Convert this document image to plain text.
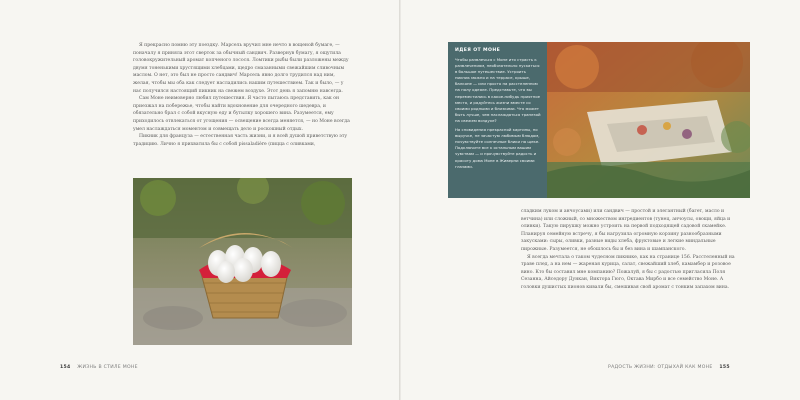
Я прекрасно помню эту поездку. Марсель вручил мне нечто в вощеной бумаге, — поначалу я приняла этот сверток за обычный сандвич. Развернув бумагу, я ощутила головокружительный аромат копченого лосося. Ломтики рыбы были разложены между двумя тоненькими хрустящими хлебцами, щедро смазанными свежайшим сливочным маслом. О нет, это был не просто сандвич! Марсель явно долго трудился над ним, желая, чтобы мы оба как следует насладились нашим путешествием. Так и было, — у нас получился настоящий пикник на свежем воздухе. Этот день я запомню навсегда.

Сам Моне неимоверно любил путешествия. Я часто пытаюсь представить, как он приезжал на побережье, чтобы найти вдохновение для очередного шедевра, и обязательно брал с собой вкусную еду и бутылку хорошего вина. Разумеется, ему приходилось отвлекаться от угощения — освещение всегда меняется, — но Моне всегда умел наслаждаться моментом и совмещать дело и роскошный отдых.

Пикник для француза — естественная часть жизни, и я всей душой приветствую эту традицию. Лично я прихватила бы с собой pissaladière (пицца с оливками,

ИДЕЯ ОТ МОНЕ

Чтобы развлечься с Моне ито страсть к развлечениям, необязательно пускаться в большое путешествие. Устроить пикник можно и на террасе, крыше, балконе — или просто на расстеленном на полу одеяле. Представьте, что вы переместились в какое-нибудь приятное место, и радуйтесь жизни вместе со своими родными и близкими. Что может быть лучше, чем наслаждаться трапезой на свежем воздухе?

На сновидения прекрасной картины, но выручке, не зачастую любимым блюдом, почувствуйте солнечные блики на щеке. Подключите все к остальным вашим чувствам — и прочувствуйте радость и красоту дома Моне в Живерни своими глазами.

сладким луком и анчоусами) или сандвич — простой и элегантный (багет, масло и ветчина) или сложный, со множеством ингредиентов (тунец, анчоусы, овощи, яйца и оливки). Такую пирушку можно устроить на первой подходящей садовой скамейке. Планируя семейную встречу, я бы нагрузила огромную корзину разнообразными закусками: сыры, оливки, разные виды хлеба, фруктовые и легкие миндальные пирожные. Разумеется, не обошлось бы и без вина и шампанского.

Я всегда мечтала о таком чудесном пикнике, как на странице 156. Расстеленный на траве плед, а на нем — жареная курица, салат, свежайший хлеб, камамбер и розовое вино. Кто бы составил мне компанию? Пожалуй, я бы с радостью пригласила Поля Сезанна, Айседору Дункан, Виктора Гюго, Октава Мирбо и все семейство Моне. А головки душистых пионов кивали бы, смешивая свой аромат с тонким запахом вина.

154 ЖИЗНЬ В СТИЛЕ МОНЕ	РАДОСТЬ ЖИЗНИ: ОТДЫХАЙ КАК МОНЕ 155
